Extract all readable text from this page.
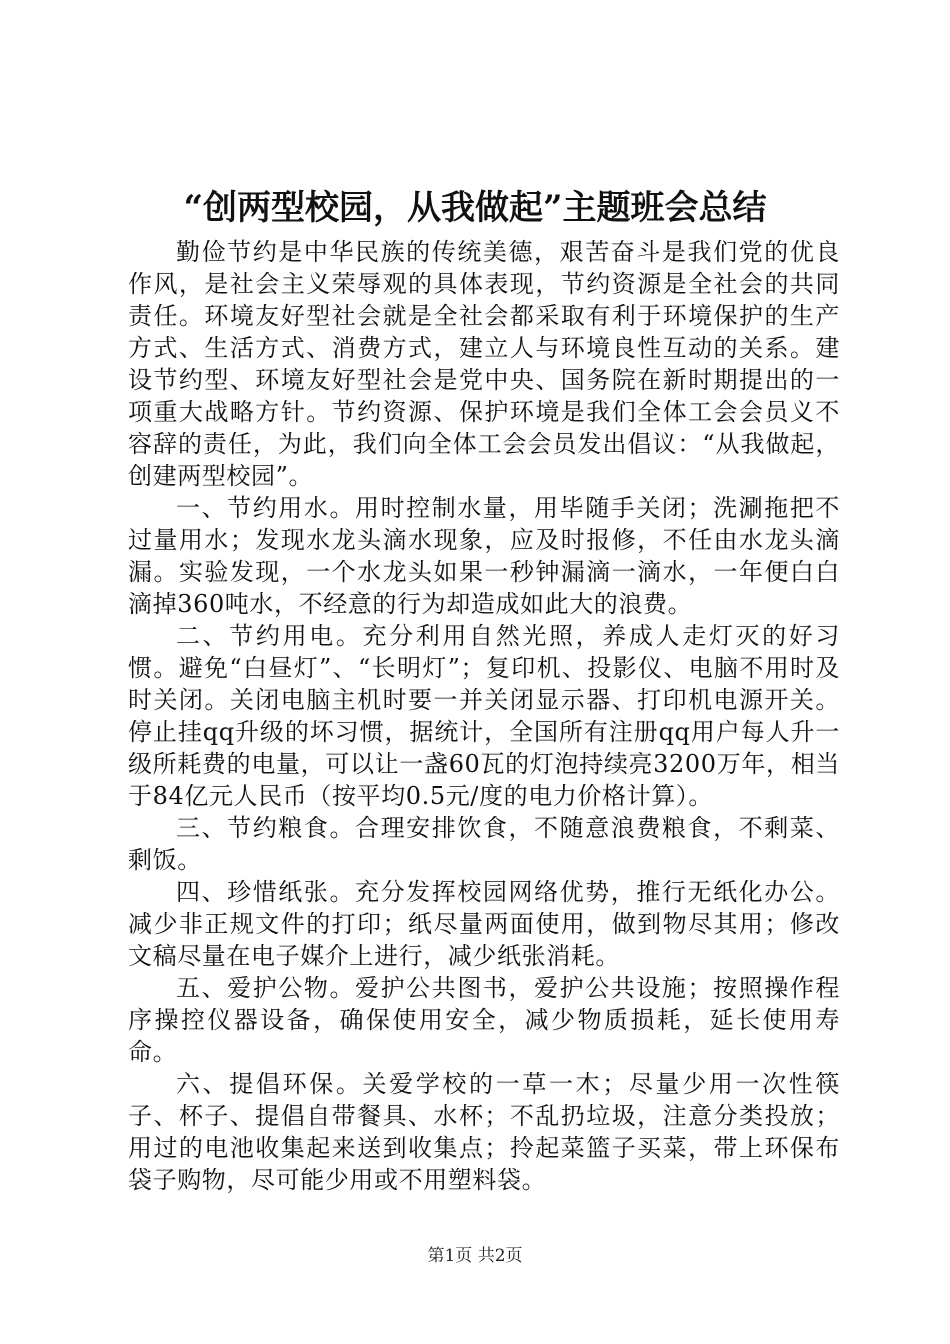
“创两型校园，从我做起”主题班会总结

勤俭节约是中华民族的传统美德，艰苦奋斗是我们党的优良作风，是社会主义荣辱观的具体表现，节约资源是全社会的共同责任。环境友好型社会就是全社会都采取有利于环境保护的生产方式、生活方式、消费方式，建立人与环境良性互动的关系。建设节约型、环境友好型社会是党中央、国务院在新时期提出的一项重大战略方针。节约资源、保护环境是我们全体工会会员义不容辞的责任，为此，我们向全体工会会员发出倡议：“从我做起，创建两型校园”。

一、节约用水。用时控制水量，用毕随手关闭；洗涮拖把不过量用水；发现水龙头滴水现象，应及时报修，不任由水龙头滴漏。实验发现，一个水龙头如果一秒钟漏滴一滴水，一年便白白滴掉360吨水，不经意的行为却造成如此大的浪费。

二、节约用电。充分利用自然光照，养成人走灯灭的好习惯。避免“白昼灯”、“长明灯”；复印机、投影仪、电脑不用时及时关闭。关闭电脑主机时要一并关闭显示器、打印机电源开关。停止挂qq升级的坏习惯，据统计，全国所有注册qq用户每人升一级所耗费的电量，可以让一盏60瓦的灯泡持续亮3200万年，相当于84亿元人民币（按平均0.5元/度的电力价格计算）。

三、节约粮食。合理安排饮食，不随意浪费粮食，不剩菜、剩饭。

四、珍惜纸张。充分发挥校园网络优势，推行无纸化办公。减少非正规文件的打印；纸尽量两面使用，做到物尽其用；修改文稿尽量在电子媒介上进行，减少纸张消耗。

五、爱护公物。爱护公共图书，爱护公共设施；按照操作程序操控仪器设备，确保使用安全，减少物质损耗，延长使用寿命。

六、提倡环保。关爱学校的一草一木；尽量少用一次性筷子、杯子、提倡自带餐具、水杯；不乱扔垃圾，注意分类投放；用过的电池收集起来送到收集点；拎起菜篮子买菜，带上环保布袋子购物，尽可能少用或不用塑料袋。

第1页 共2页
